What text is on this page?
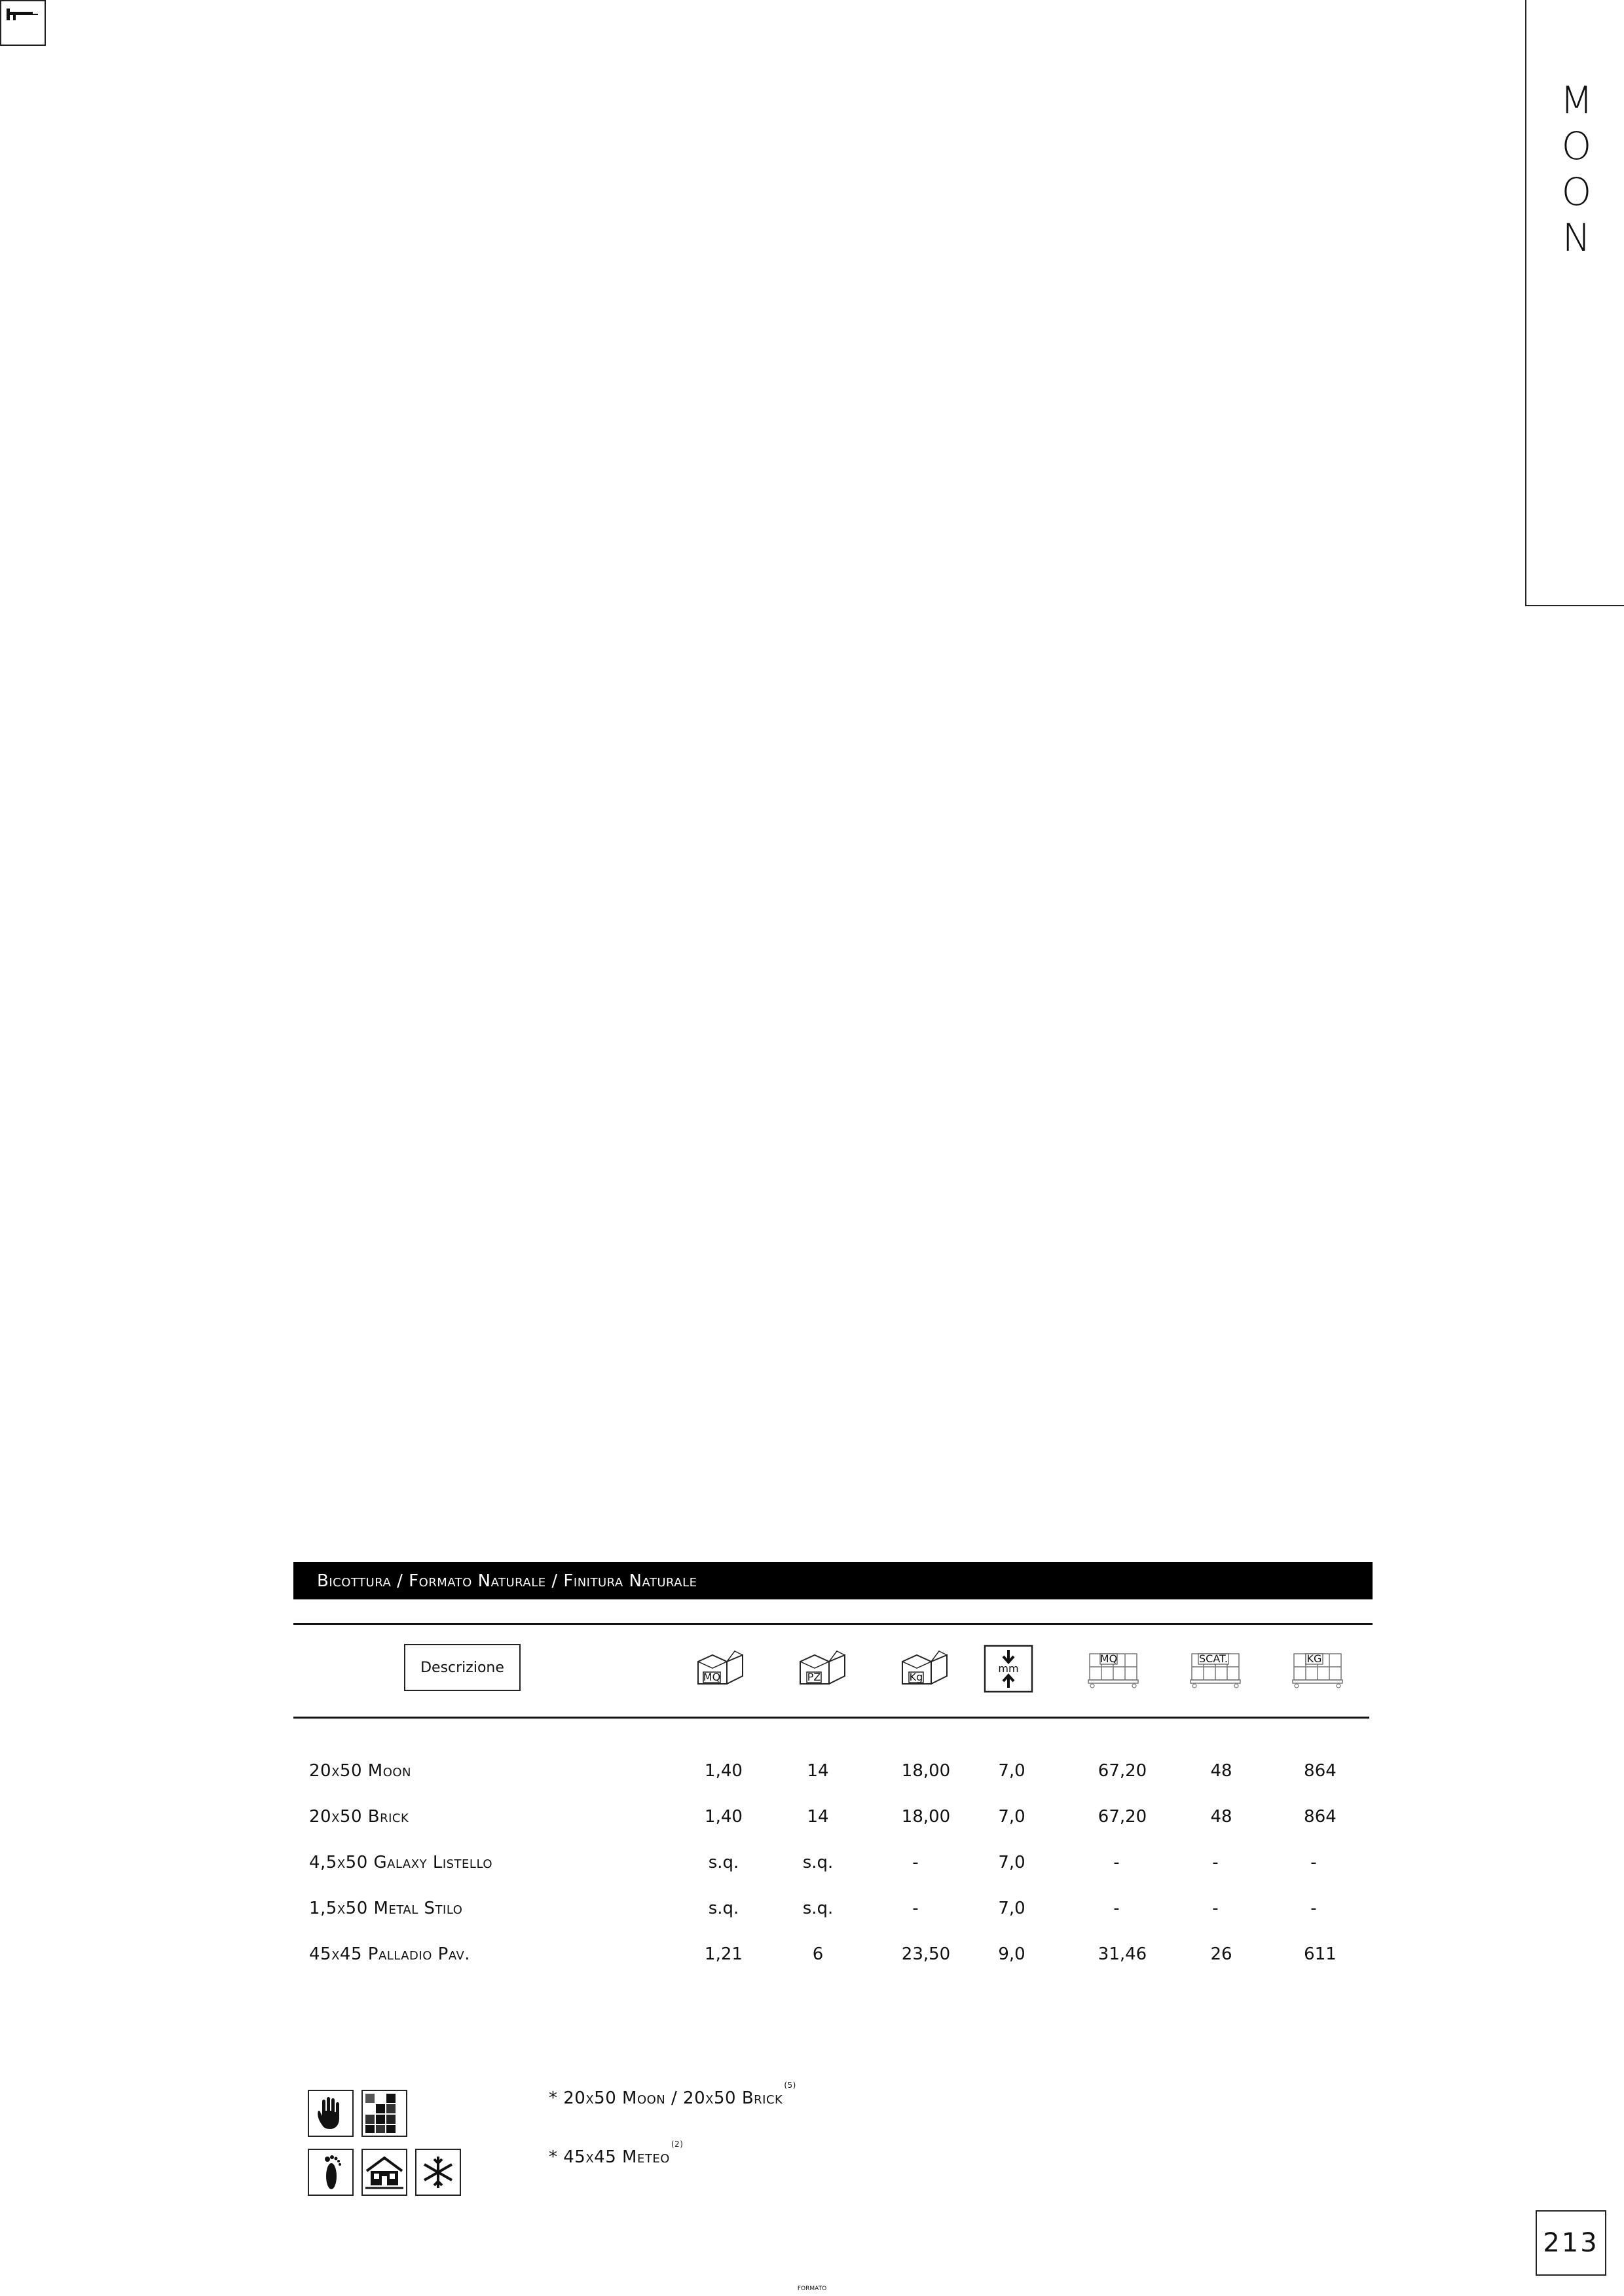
M
O
O
N
Bicottura / Formato Naturale / Finitura Naturale
FORMATO
Descrizione
MQ	PZ	Kg
mm
MQ	SCAT.	KG
20x50 Moon	1,40	14	18,00	7,0	67,20	48	864
20x50 Brick	1,40	14	18,00	7,0	67,20	48	864
4,5x50 Galaxy Listello	s.q.	s.q.	-	7,0	-	-	-
1,5x50 Metal Stilo	s.q.	s.q.	-	7,0	-	-	-
45x45 Palladio Pav.	1,21	6	23,50	9,0	31,46	26	611
* 20x50 Moon / 20x50 Brick$^{(5)}$
* 45x45 Meteo$^{(2)}$
213
